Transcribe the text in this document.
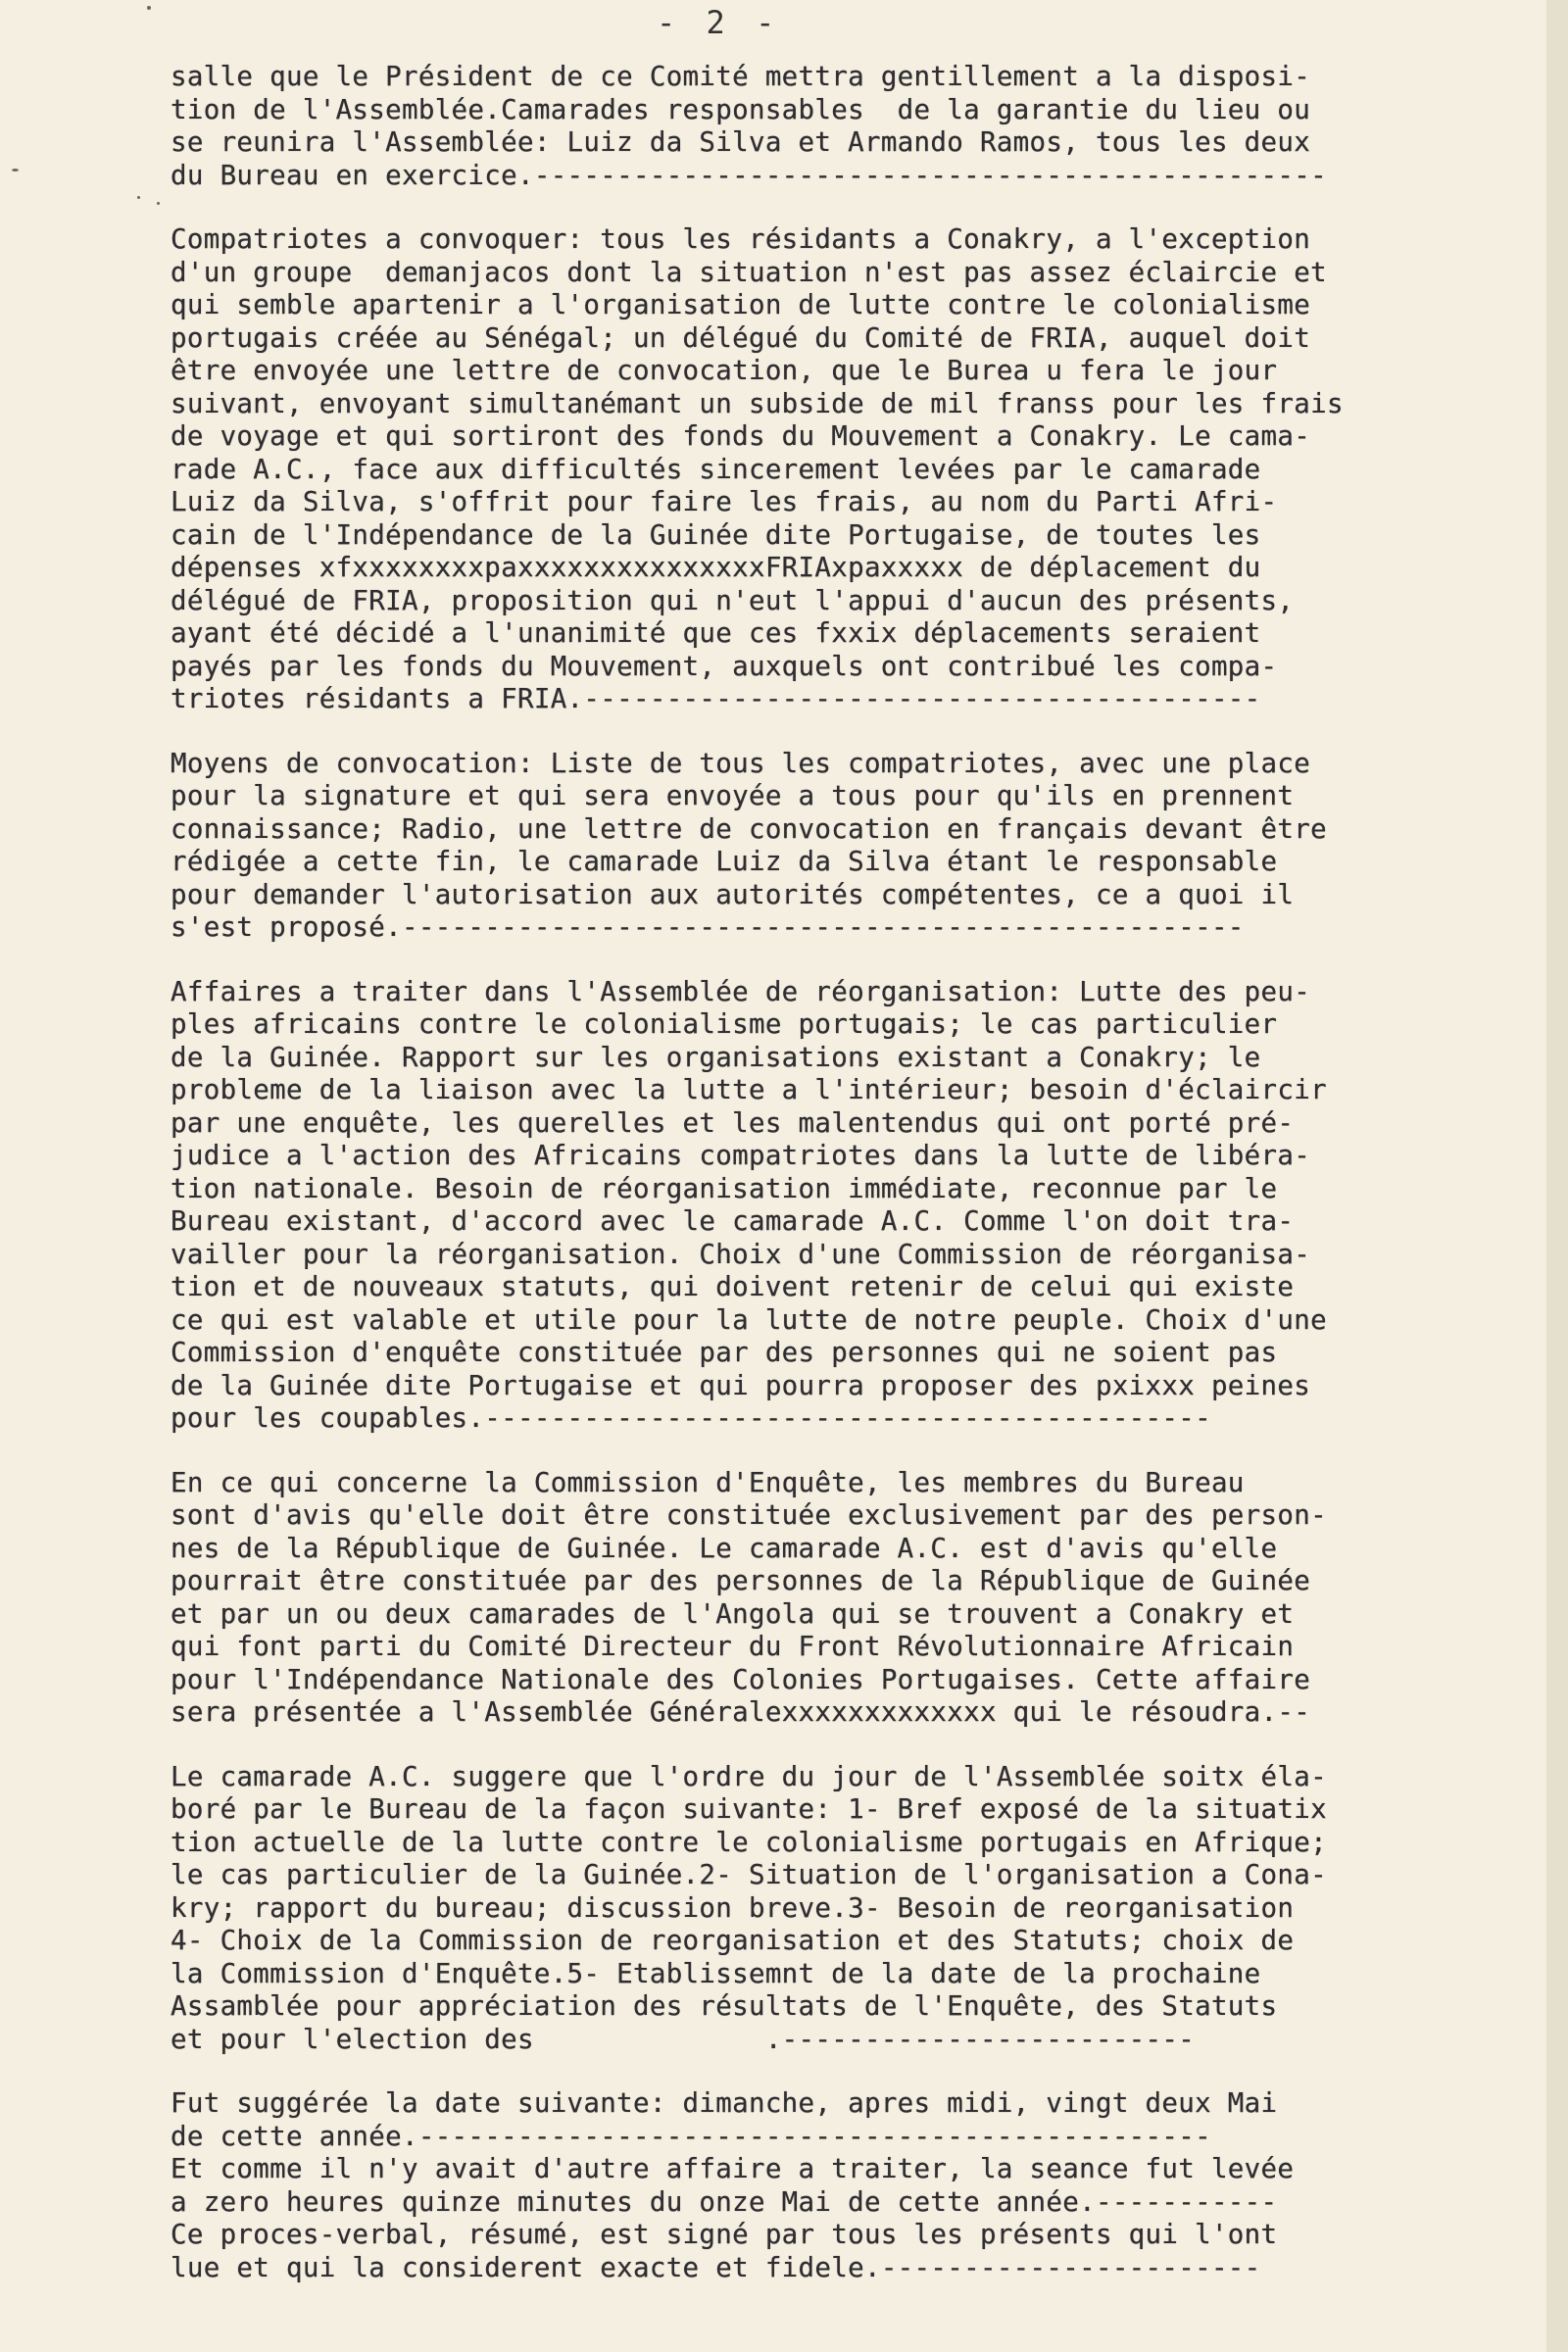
- 2 -
salle que le Président de ce Comité mettra gentillement a la disposi-
tion de l'Assemblée.Camarades responsables  de la garantie du lieu ou
se reunira l'Assemblée: Luiz da Silva et Armando Ramos, tous les deux
du Bureau en exercice.------------------------------------------------
Compatriotes a convoquer: tous les résidants a Conakry, a l'exception
d'un groupe  demanjacos dont la situation n'est pas assez éclaircie et
qui semble apartenir a l'organisation de lutte contre le colonialisme
portugais créée au Sénégal; un délégué du Comité de FRIA, auquel doit
être envoyée une lettre de convocation, que le Burea u fera le jour
suivant, envoyant simultanémant un subside de mil franss pour les frais
de voyage et qui sortiront des fonds du Mouvement a Conakry. Le cama-
rade A.C., face aux difficultés sincerement levées par le camarade
Luiz da Silva, s'offrit pour faire les frais, au nom du Parti Afri-
cain de l'Indépendance de la Guinée dite Portugaise, de toutes les
dépenses xfxxxxxxxxpaxxxxxxxxxxxxxxxFRIAxpaxxxxx de déplacement du
délégué de FRIA, proposition qui n'eut l'appui d'aucun des présents,
ayant été décidé a l'unanimité que ces fxxix déplacements seraient
payés par les fonds du Mouvement, auxquels ont contribué les compa-
triotes résidants a FRIA.-----------------------------------------
Moyens de convocation: Liste de tous les compatriotes, avec une place
pour la signature et qui sera envoyée a tous pour qu'ils en prennent
connaissance; Radio, une lettre de convocation en français devant être
rédigée a cette fin, le camarade Luiz da Silva étant le responsable
pour demander l'autorisation aux autorités compétentes, ce a quoi il
s'est proposé.---------------------------------------------------
Affaires a traiter dans l'Assemblée de réorganisation: Lutte des peu-
ples africains contre le colonialisme portugais; le cas particulier
de la Guinée. Rapport sur les organisations existant a Conakry; le
probleme de la liaison avec la lutte a l'intérieur; besoin d'éclaircir
par une enquête, les querelles et les malentendus qui ont porté pré-
judice a l'action des Africains compatriotes dans la lutte de libéra-
tion nationale. Besoin de réorganisation immédiate, reconnue par le
Bureau existant, d'accord avec le camarade A.C. Comme l'on doit tra-
vailler pour la réorganisation. Choix d'une Commission de réorganisa-
tion et de nouveaux statuts, qui doivent retenir de celui qui existe
ce qui est valable et utile pour la lutte de notre peuple. Choix d'une
Commission d'enquête constituée par des personnes qui ne soient pas
de la Guinée dite Portugaise et qui pourra proposer des pxixxx peines
pour les coupables.--------------------------------------------
En ce qui concerne la Commission d'Enquête, les membres du Bureau
sont d'avis qu'elle doit être constituée exclusivement par des person-
nes de la République de Guinée. Le camarade A.C. est d'avis qu'elle
pourrait être constituée par des personnes de la République de Guinée
et par un ou deux camarades de l'Angola qui se trouvent a Conakry et
qui font parti du Comité Directeur du Front Révolutionnaire Africain
pour l'Indépendance Nationale des Colonies Portugaises. Cette affaire
sera présentée a l'Assemblée Généralexxxxxxxxxxxxx qui le résoudra.--
Le camarade A.C. suggere que l'ordre du jour de l'Assemblée soitx éla-
boré par le Bureau de la façon suivante: 1- Bref exposé de la situatix
tion actuelle de la lutte contre le colonialisme portugais en Afrique;
le cas particulier de la Guinée.2- Situation de l'organisation a Cona-
kry; rapport du bureau; discussion breve.3- Besoin de reorganisation
4- Choix de la Commission de reorganisation et des Statuts; choix de
la Commission d'Enquête.5- Etablissemnt de la date de la prochaine
Assamblée pour appréciation des résultats de l'Enquête, des Statuts
et pour l'election des              .-------------------------
Fut suggérée la date suivante: dimanche, apres midi, vingt deux Mai
de cette année.------------------------------------------------
Et comme il n'y avait d'autre affaire a traiter, la seance fut levée
a zero heures quinze minutes du onze Mai de cette année.-----------
Ce proces-verbal, résumé, est signé par tous les présents qui l'ont
lue et qui la considerent exacte et fidele.-----------------------
